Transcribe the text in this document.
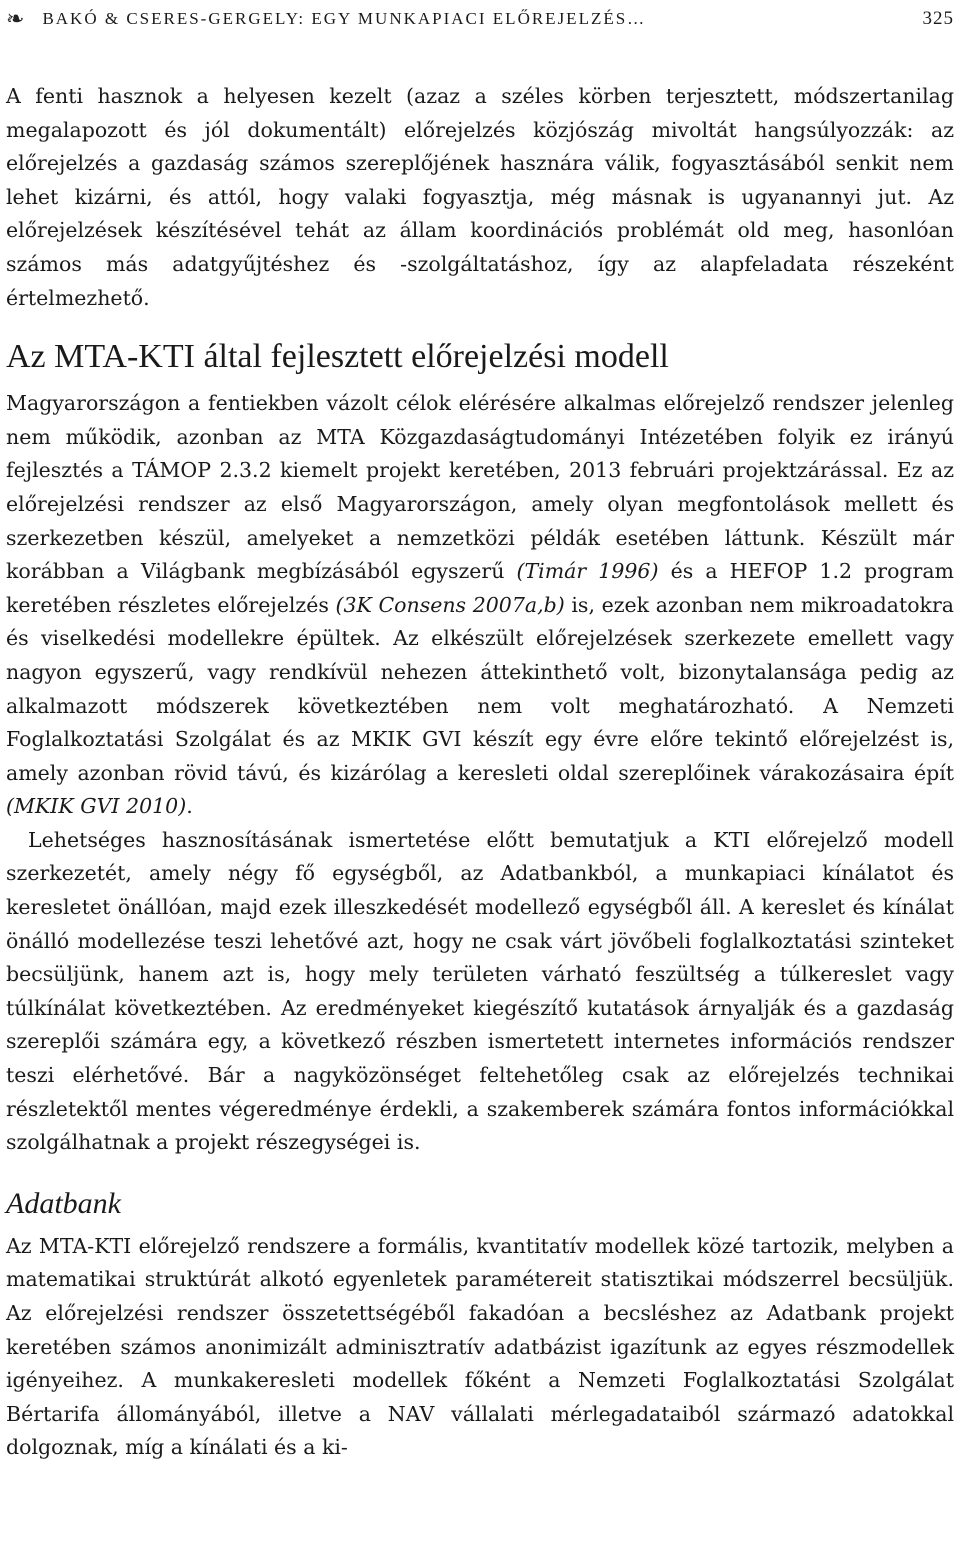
❧ BAKÓ & CSERES-GERGELY: EGY MUNKAPIACI ELŐREJELZÉS…	325

A fenti hasznok a helyesen kezelt (azaz a széles körben terjesztett, módszertanilag megalapozott és jól dokumentált) előrejelzés közjószág mivoltát hangsúlyozzák: az előrejelzés a gazdaság számos szereplőjének hasznára válik, fogyasztásából senkit nem lehet kizárni, és attól, hogy valaki fogyasztja, még másnak is ugyanannyi jut. Az előrejelzések készítésével tehát az állam koordinációs problémát old meg, hasonlóan számos más adatgyűjtéshez és -szolgáltatáshoz, így az alapfeladata részeként értelmezhető.

Az MTA-KTI által fejlesztett előrejelzési modell

Magyarországon a fentiekben vázolt célok elérésére alkalmas előrejelző rendszer jelenleg nem működik, azonban az MTA Közgazdaságtudományi Intézetében folyik ez irányú fejlesztés a TÁMOP 2.3.2 kiemelt projekt keretében, 2013 februári projektzárással. Ez az előrejelzési rendszer az első Magyarországon, amely olyan megfontolások mellett és szerkezetben készül, amelyeket a nemzetközi példák esetében láttunk. Készült már korábban a Világbank megbízásából egyszerű (Timár 1996) és a HEFOP 1.2 program keretében részletes előrejelzés (3K Consens 2007a,b) is, ezek azonban nem mikroadatokra és viselkedési modellekre épültek. Az elkészült előrejelzések szerkezete emellett vagy nagyon egyszerű, vagy rendkívül nehezen áttekinthető volt, bizonytalansága pedig az alkalmazott módszerek következtében nem volt meghatározható. A Nemzeti Foglalkoztatási Szolgálat és az MKIK GVI készít egy évre előre tekintő előrejelzést is, amely azonban rövid távú, és kizárólag a keresleti oldal szereplőinek várakozásaira épít (MKIK GVI 2010).

Lehetséges hasznosításának ismertetése előtt bemutatjuk a KTI előrejelző modell szerkezetét, amely négy fő egységből, az Adatbankból, a munkapiaci kínálatot és keresletet önállóan, majd ezek illeszkedését modellező egységből áll. A kereslet és kínálat önálló modellezése teszi lehetővé azt, hogy ne csak várt jövőbeli foglalkoztatási szinteket becsüljünk, hanem azt is, hogy mely területen várható feszültség a túlkereslet vagy túlkínálat következtében. Az eredményeket kiegészítő kutatások árnyalják és a gazdaság szereplői számára egy, a következő részben ismertetett internetes információs rendszer teszi elérhetővé. Bár a nagyközönséget feltehetőleg csak az előrejelzés technikai részletektől mentes végeredménye érdekli, a szakemberek számára fontos információkkal szolgálhatnak a projekt részegységei is.

Adatbank

Az MTA-KTI előrejelző rendszere a formális, kvantitatív modellek közé tartozik, melyben a matematikai struktúrát alkotó egyenletek paramétereit statisztikai módszerrel becsüljük. Az előrejelzési rendszer összetettségéből fakadóan a becsléshez az Adatbank projekt keretében számos anonimizált adminisztratív adatbázist igazítunk az egyes részmodellek igényeihez. A munkakeresleti modellek főként a Nemzeti Foglalkoztatási Szolgálat Bértarifa állományából, illetve a NAV vállalati mérlegadataiból származó adatokkal dolgoznak, míg a kínálati és a ki-
